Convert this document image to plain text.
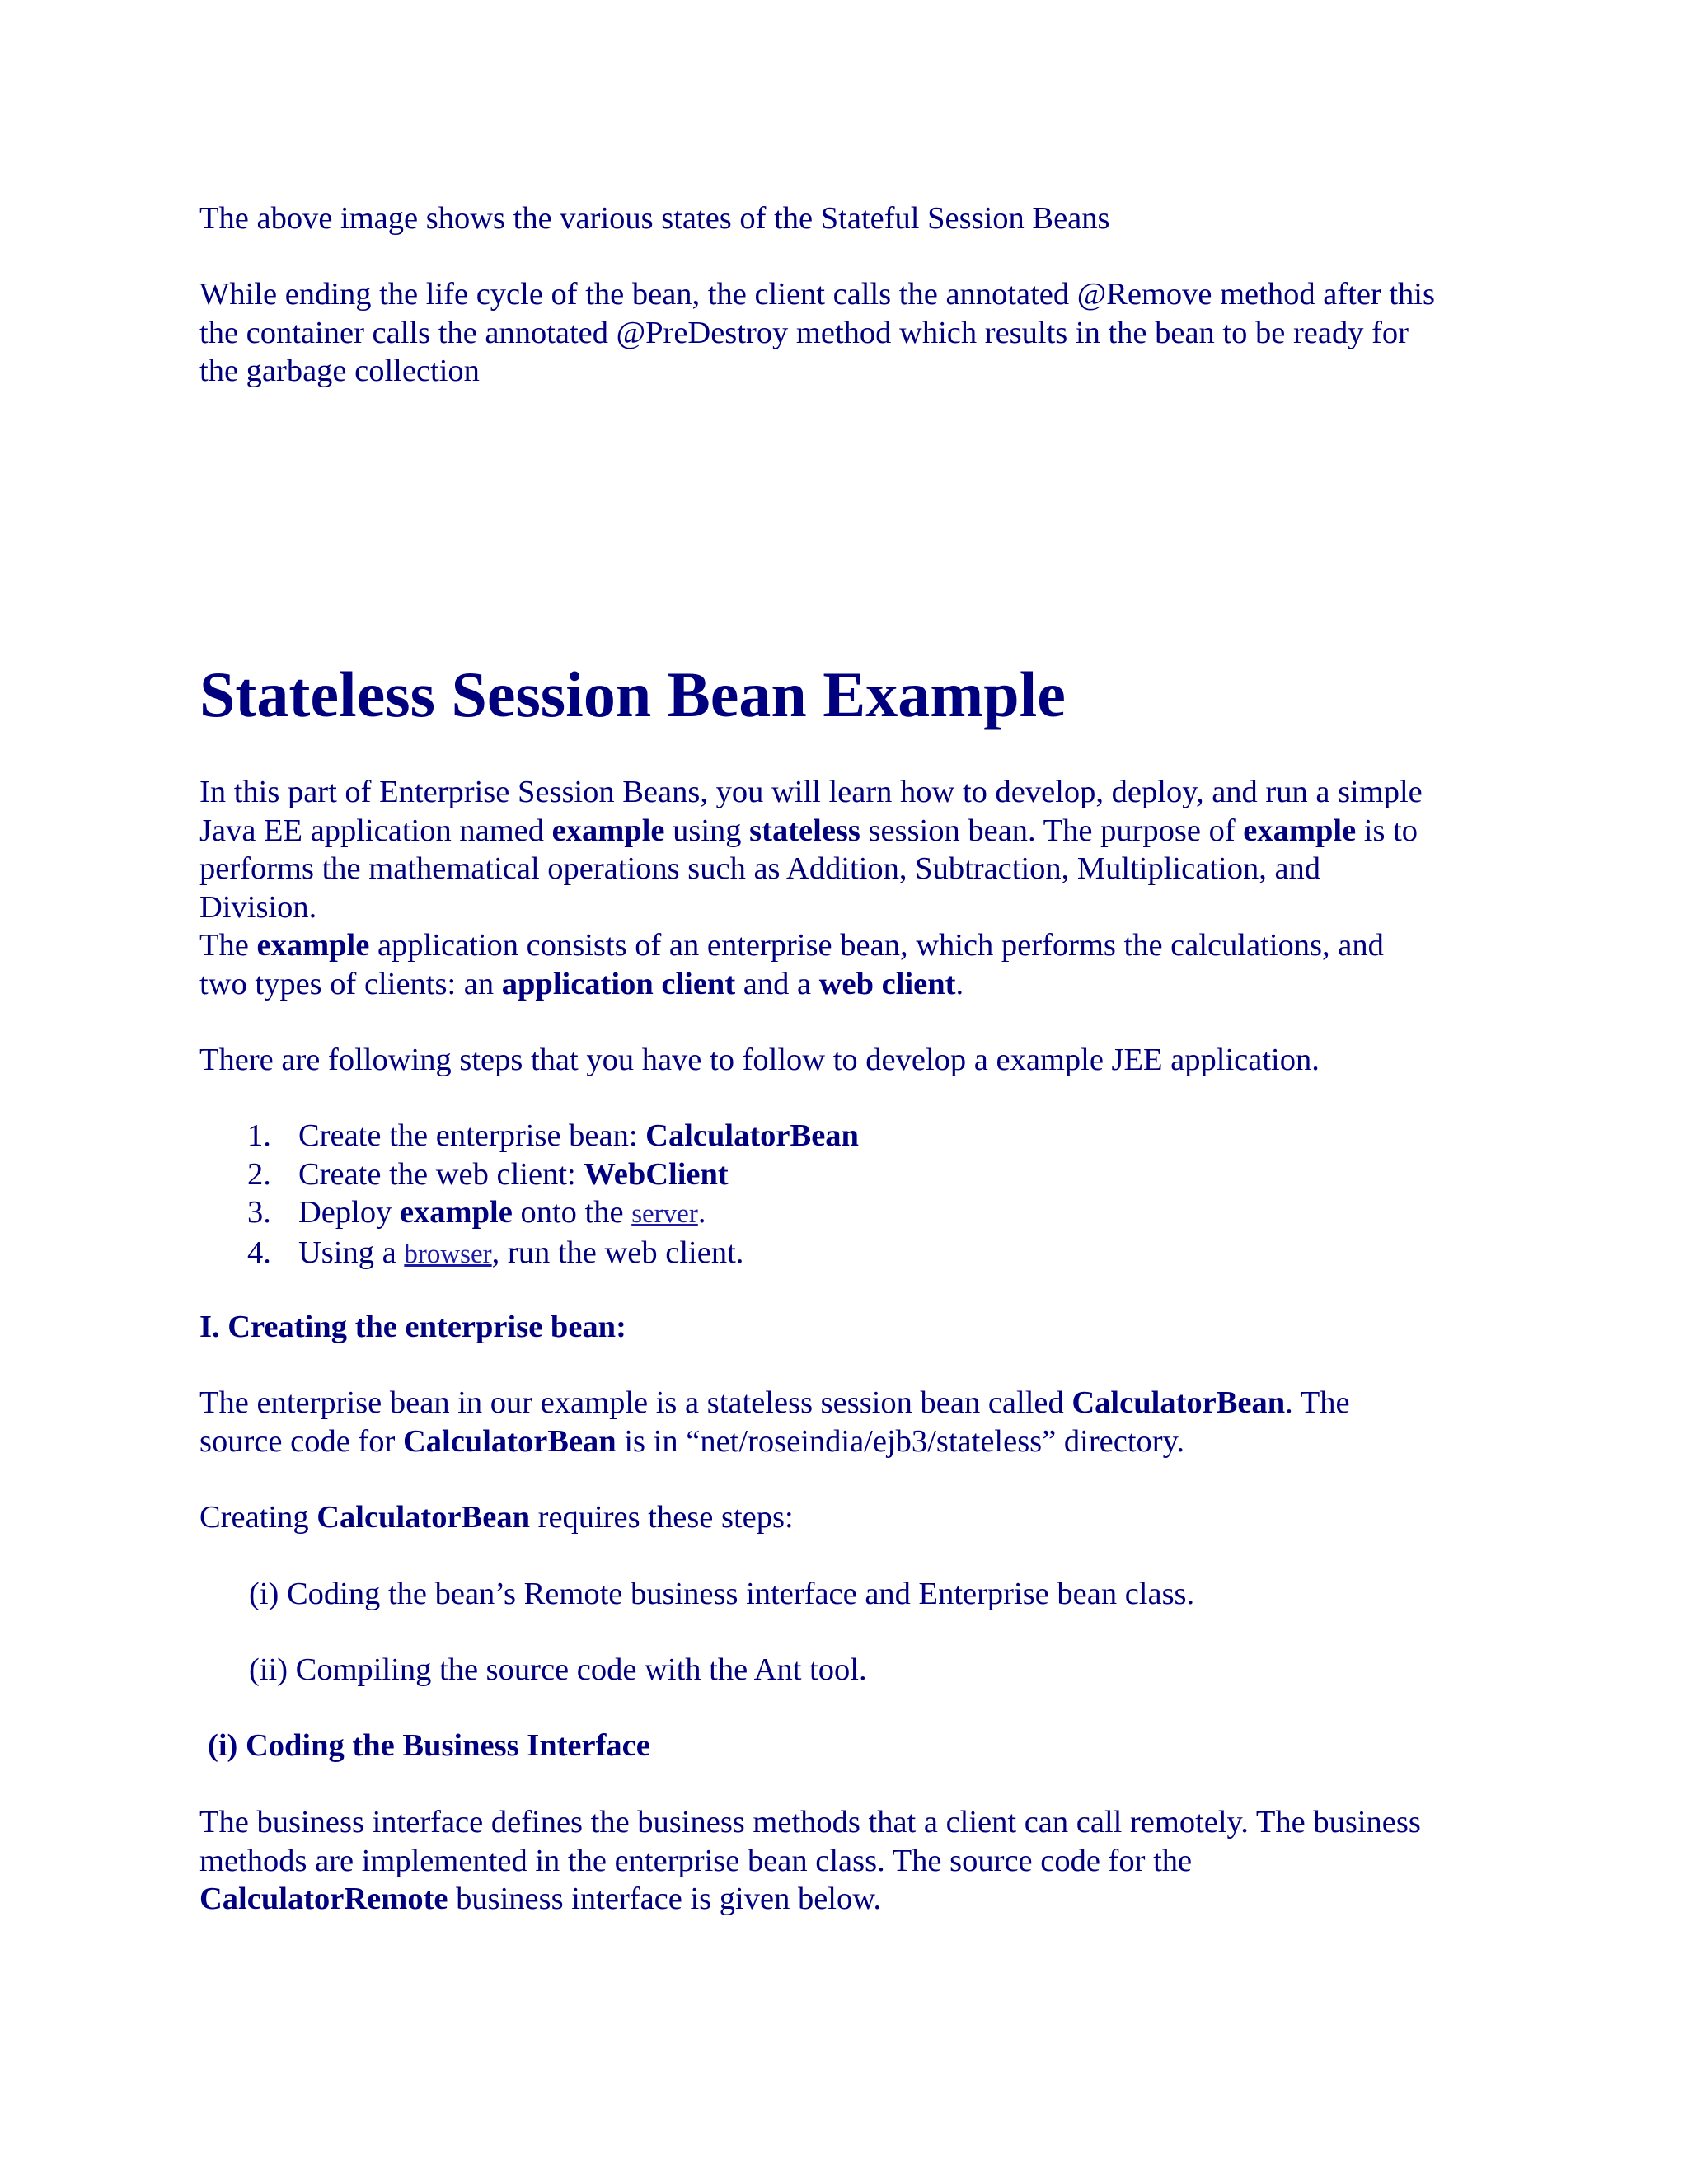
The above image shows the various states of the Stateful Session Beans

While ending the life cycle of the bean, the client calls the annotated @Remove method after this
the container calls the annotated @PreDestroy method which results in the bean to be ready for
the garbage collection
Stateless Session Bean Example
In this part of Enterprise Session Beans, you will learn how to develop, deploy, and run a simple
Java EE application named example using stateless session bean. The purpose of example is to
performs the mathematical operations such as Addition, Subtraction, Multiplication, and
Division.
The example application consists of an enterprise bean, which performs the calculations, and
two types of clients: an application client and a web client.

There are following steps that you have to follow to develop a example JEE application.

1. Create the enterprise bean: CalculatorBean
2. Create the web client: WebClient
3. Deploy example onto the server.
4. Using a browser, run the web client.

I. Creating the enterprise bean:

The enterprise bean in our example is a stateless session bean called CalculatorBean. The
source code for CalculatorBean is in “net/roseindia/ejb3/stateless” directory.

Creating CalculatorBean requires these steps:

(i) Coding the bean’s Remote business interface and Enterprise bean class.

(ii) Compiling the source code with the Ant tool.

(i) Coding the Business Interface

The business interface defines the business methods that a client can call remotely. The business
methods are implemented in the enterprise bean class. The source code for the
CalculatorRemote business interface is given below.
